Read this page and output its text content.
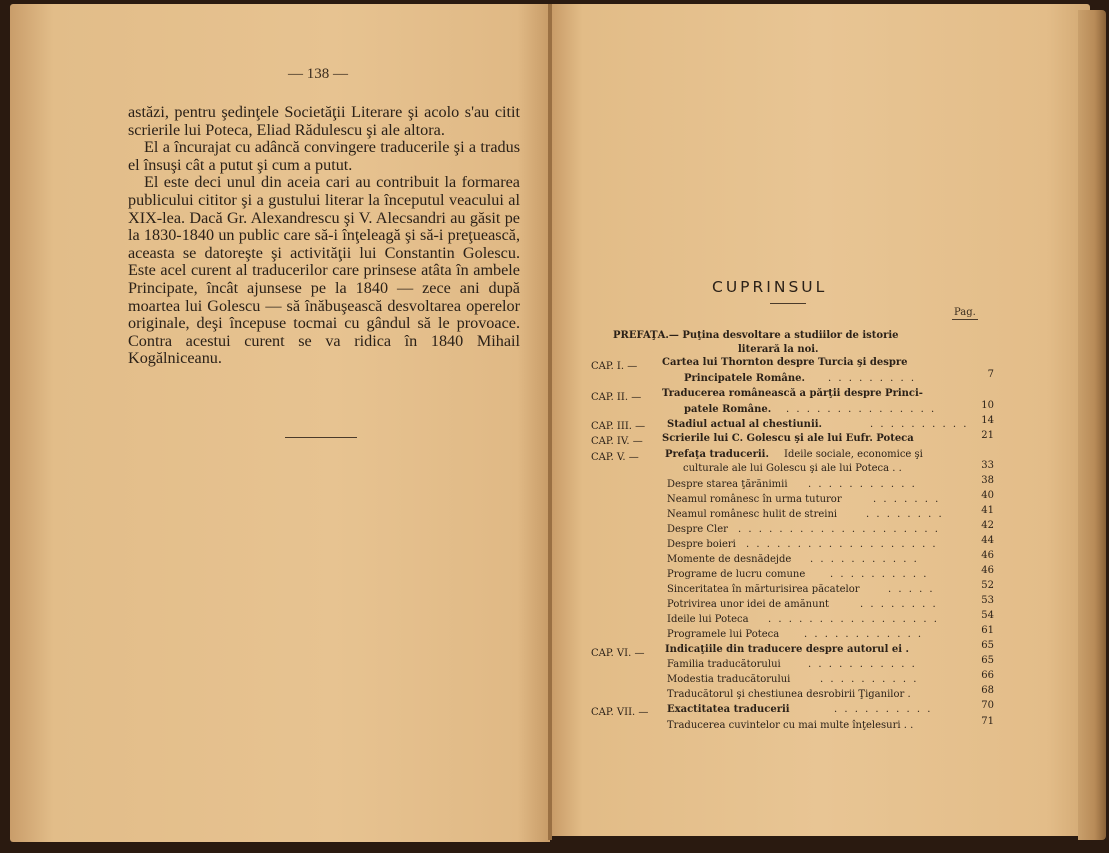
— 138 —

astăzi, pentru şedinţele Societăţii Literare şi acolo s'au citit scrierile lui Poteca, Eliad Rădulescu şi ale altora.

El a încurajat cu adâncă convingere traducerile şi a tradus el însuşi cât a putut şi cum a putut.

El este deci unul din aceia cari au contribuit la formarea publicului cititor şi a gustului literar la începutul veacului al XIX-lea. Dacă Gr. Alexandrescu şi V. Alecsandri au găsit pe la 1830-1840 un public care să-i înţeleagă şi să-i preţuească, aceasta se datoreşte şi activităţii lui Constantin Golescu. Este acel curent al traducerilor care prinsese atâta în ambele Principate, încât ajunsese pe la 1840 — zece ani după moartea lui Golescu — să înăbuşească desvoltarea operelor originale, deşi începuse tocmai cu gândul să le provoace. Contra acestui curent se va ridica în 1840 Mihail Kogălniceanu.

CUPRINSUL
Pag.
PREFAŢA.— Puţina desvoltare a studiilor de istorie
literară la noi.
CAP. I. — Cartea lui Thornton despre Turcia şi despre
Principatele Române. . . . . . . . . .	7
CAP. II. — Traducerea românească a părţii despre Princi-
patele Române. . . . . . . . . . . . . . . .	10
CAP. III. — Stadiul actual al chestiunii.	. . . . . . . . . .	14
CAP. IV. — Scrierile lui C. Golescu şi ale lui Eufr. Poteca	21
CAP. V. —	Prefaţa traducerii. Ideile sociale, economice şi
culturale ale lui Golescu şi ale lui Poteca . .	33
Despre starea ţărănimii . . . . . . . . . . .	38
Neamul românesc în urma tuturor	. . . . . . .	40
Neamul românesc hulit de streini	. . . . . . . .	41
Despre Cler . . . . . . . . . . . . . . . . . . . .	42
Despre boieri . . . . . . . . . . . . . . . . . . .	44
Momente de desnădejde . . . . . . . . . . .	46
Programe de lucru comune . . . . . . . . . .	46
Sinceritatea în mărturisirea păcatelor	. . . . .	52
Potrivirea unor idei de amănunt	. . . . . . . .	53
Ideile lui Poteca . . . . . . . . . . . . . . . . .	54
Programele lui Poteca . . . . . . . . . . . .	61
CAP. VI. — Indicaţiile din traducere despre autorul ei .	65
Familia traducătorului	. . . . . . . . . . .	65
Modestia traducătorului	. . . . . . . . . .	66
Traducătorul şi chestiunea desrobirii Ţiganilor .	68
CAP. VII. — Exactitatea traducerii	. . . . . . . . . .	70
Traducerea cuvintelor cu mai multe înţelesuri . .	71
